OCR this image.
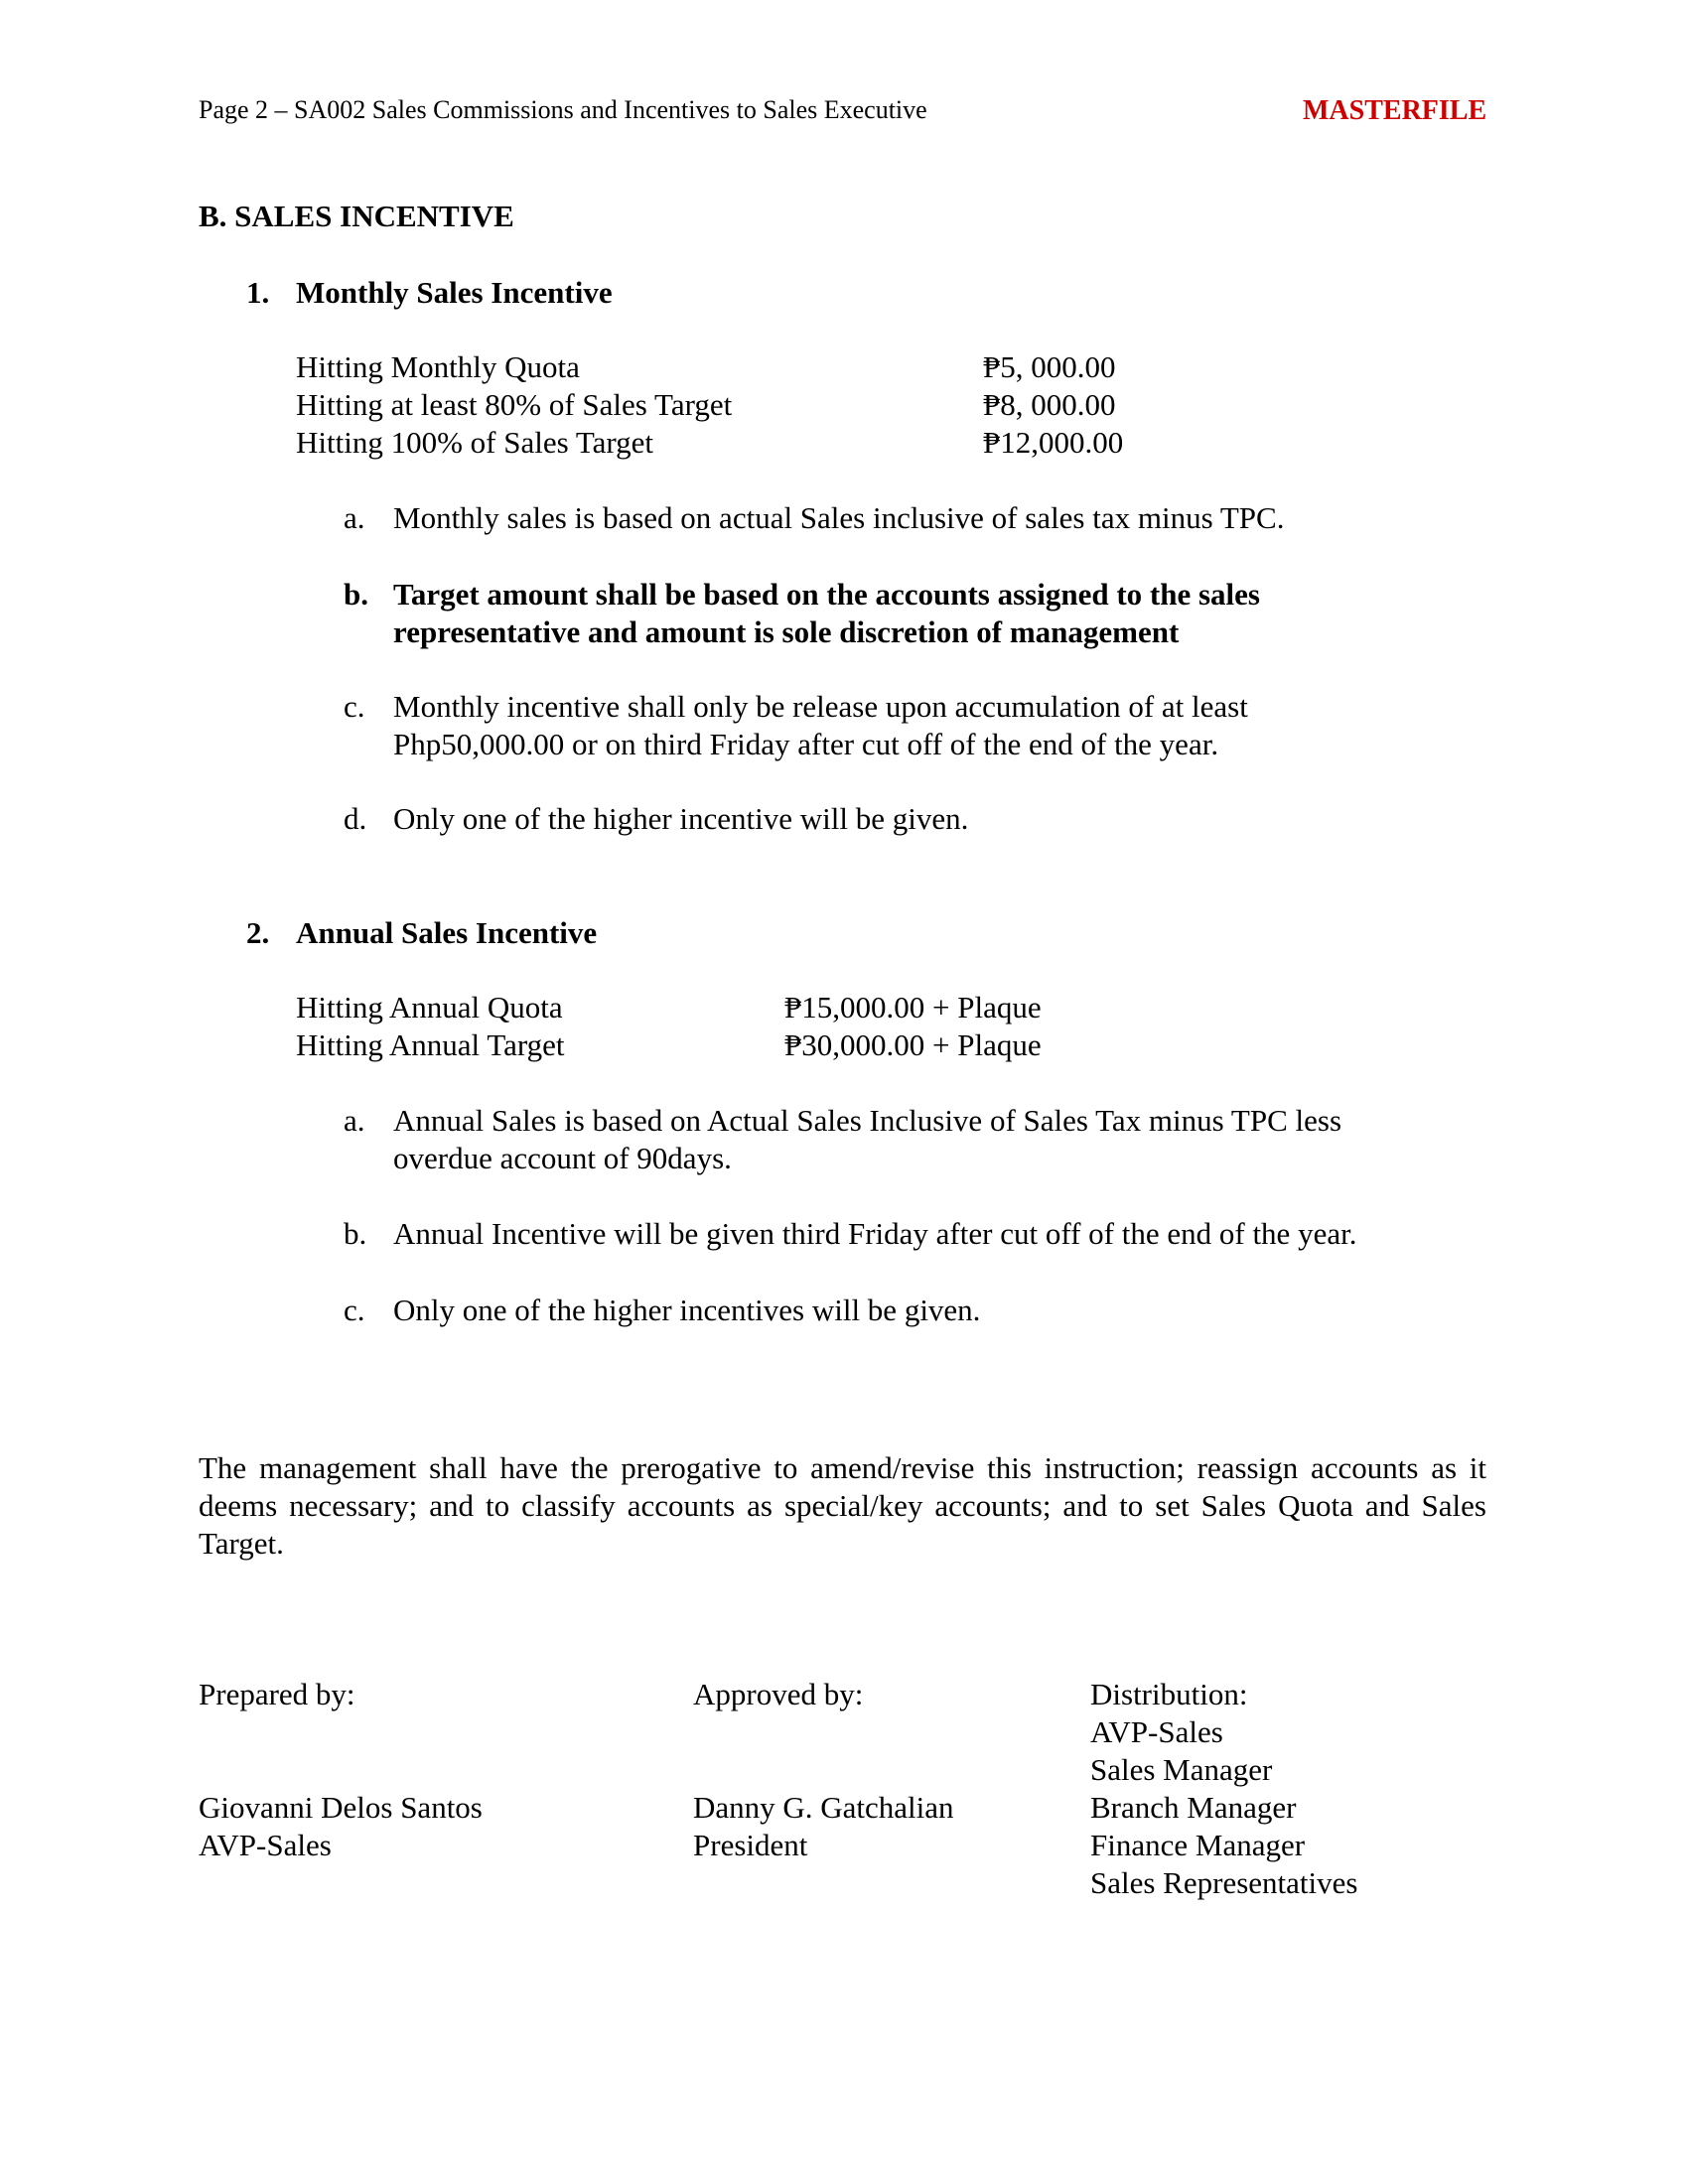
Page 2 – SA002 Sales Commissions and Incentives to Sales Executive	MASTERFILE
B. SALES INCENTIVE
1. Monthly Sales Incentive
Hitting Monthly Quota	₱5, 000.00
Hitting at least 80% of Sales Target	₱8, 000.00
Hitting 100% of Sales Target	₱12,000.00
a. Monthly sales is based on actual Sales inclusive of sales tax minus TPC.
b. Target amount shall be based on the accounts assigned to the sales
representative and amount is sole discretion of management
c. Monthly incentive shall only be release upon accumulation of at least
Php50,000.00 or on third Friday after cut off of the end of the year.
d. Only one of the higher incentive will be given.
2. Annual Sales Incentive
Hitting Annual Quota	₱15,000.00 + Plaque
Hitting Annual Target	₱30,000.00 + Plaque
a. Annual Sales is based on Actual Sales Inclusive of Sales Tax minus TPC less
overdue account of 90days.
b. Annual Incentive will be given third Friday after cut off of the end of the year.
c. Only one of the higher incentives will be given.
The management shall have the prerogative to amend/revise this instruction; reassign accounts as it deems necessary; and to classify accounts as special/key accounts; and to set Sales Quota and Sales Target.
Prepared by:
Giovanni Delos Santos
AVP-Sales
Approved by:
Danny G. Gatchalian
President
Distribution:
AVP-Sales
Sales Manager
Branch Manager
Finance Manager
Sales Representatives
